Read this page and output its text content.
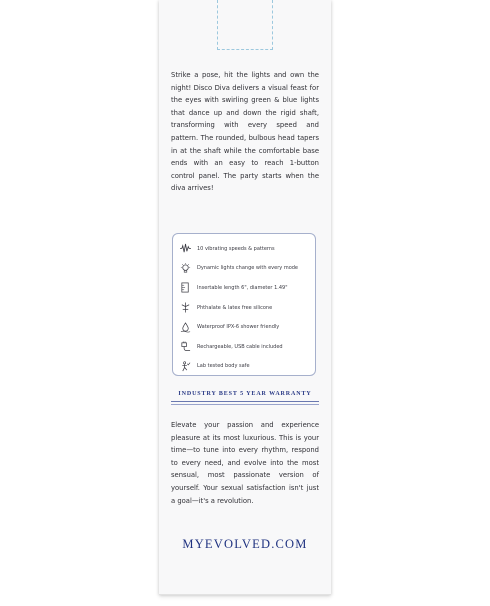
Strike a pose, hit the lights and own the night! Disco Diva delivers a visual feast for the eyes with swirling green & blue lights that dance up and down the rigid shaft, transforming with every speed and pattern. The rounded, bulbous head tapers in at the shaft while the comfortable base ends with an easy to reach 1-button control panel. The party starts when the diva arrives!

10 vibrating speeds & patterns
Dynamic lights change with every mode
Insertable length 6", diameter 1.49"
Phthalate & latex free silicone
Waterproof IPX-6 shower friendly
Rechargeable, USB cable included
Lab tested body safe
INDUSTRY BEST 5 YEAR WARRANTY

Elevate your passion and experience pleasure at its most luxurious. This is your time—to tune into every rhythm, respond to every need, and evolve into the most sensual, most passionate version of yourself. Your sexual satisfaction isn't just a goal—it's a revolution.

MYEVOLVED.COM
